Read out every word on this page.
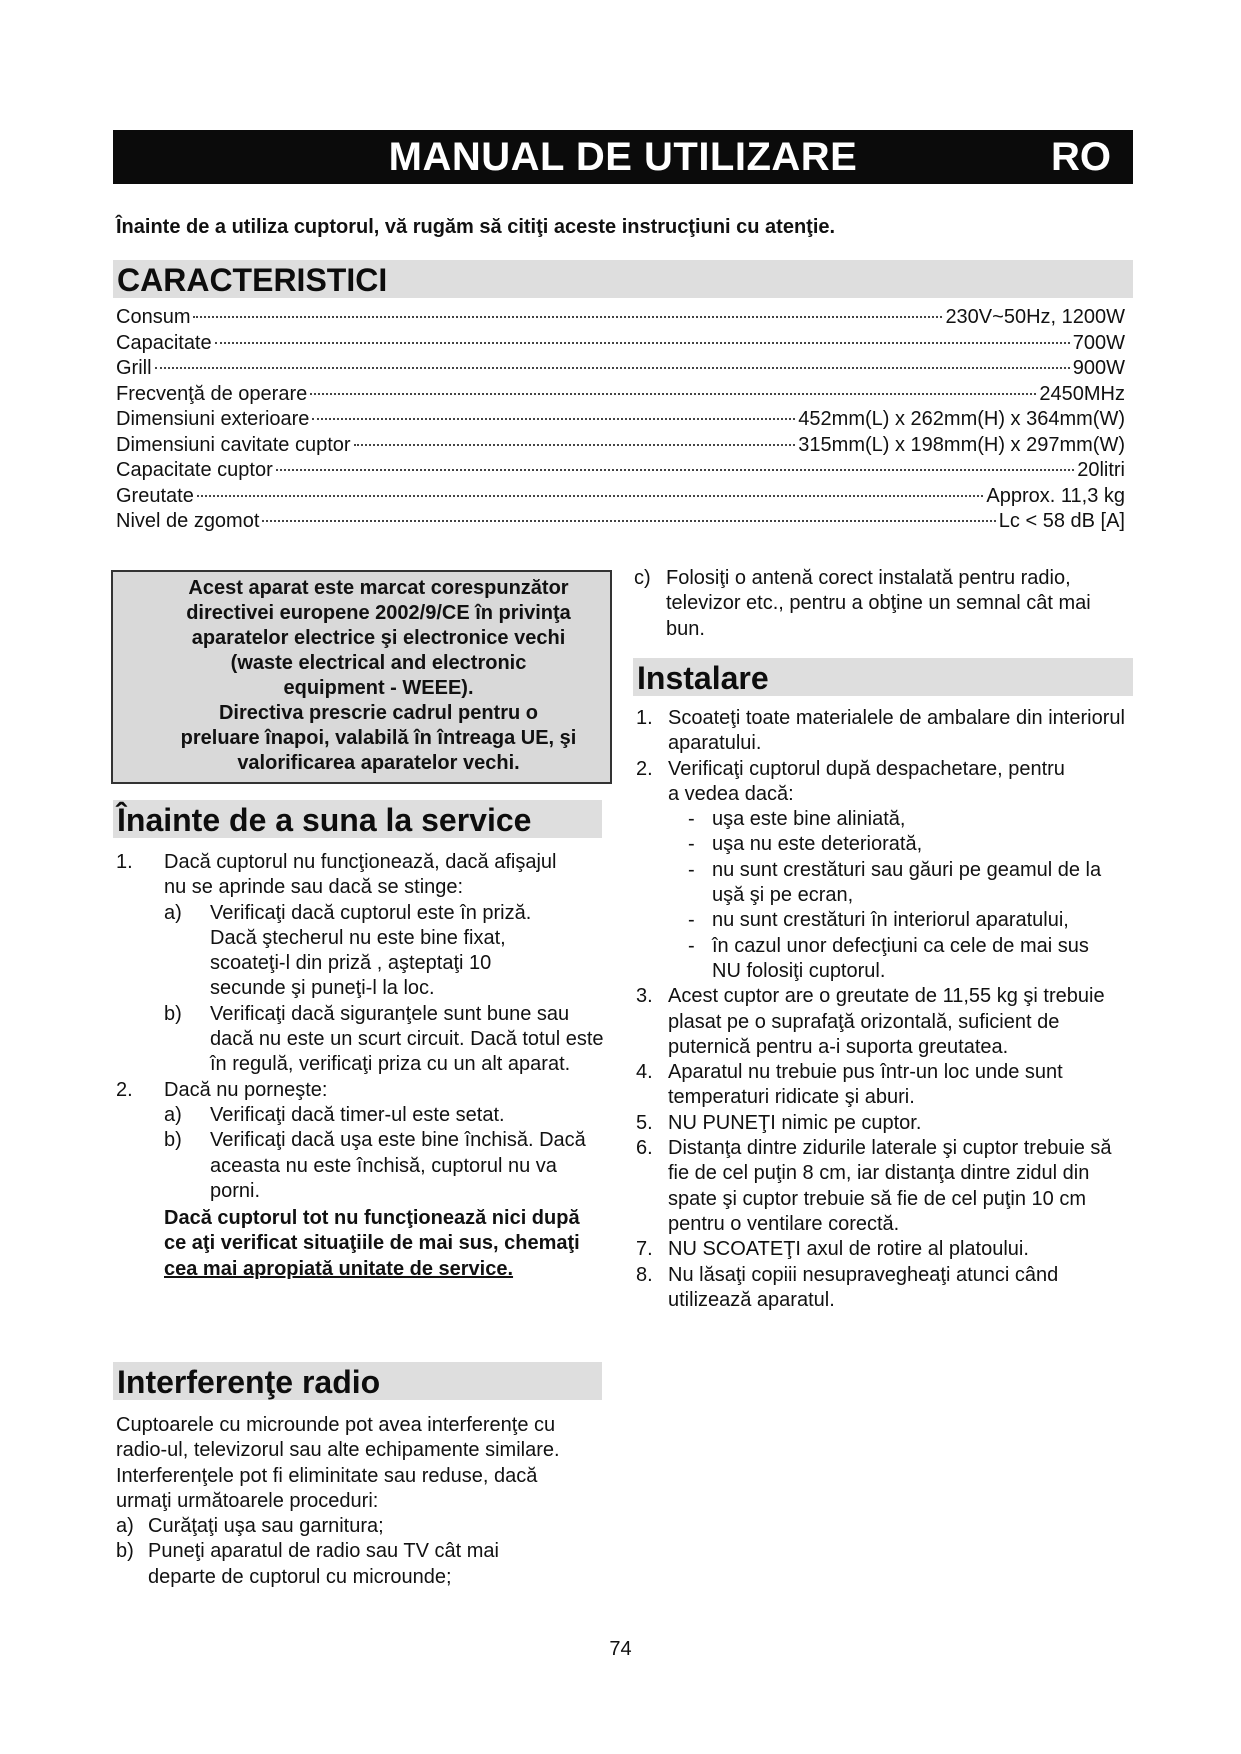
MANUAL DE UTILIZARE	RO
Înainte de a utiliza cuptorul, vă rugăm să citiţi aceste instrucţiuni cu atenţie.
CARACTERISTICI
Consum	230V~50Hz, 1200W
Capacitate	700W
Grill	900W
Frecvenţă de operare	2450MHz
Dimensiuni exterioare	452mm(L) x 262mm(H) x 364mm(W)
Dimensiuni cavitate cuptor	315mm(L) x 198mm(H) x 297mm(W)
Capacitate cuptor	20litri
Greutate	Approx. 11,3 kg
Nivel de zgomot	Lc < 58 dB [A]

Acest aparat este marcat corespunzător

directivei europene 2002/9/CE în privinţa

aparatelor electrice şi electronice vechi

(waste electrical and electronic

equipment - WEEE).

Directiva prescrie cadrul pentru o

preluare înapoi, valabilă în întreaga UE, şi

valorificarea aparatelor vechi.

Înainte de a suna la service
1.	Dacă cuptorul nu funcţionează, dacă afişajul nu se aprinde sau dacă se stinge:
a)	Verificaţi dacă cuptorul este în priză. Dacă ştecherul nu este bine fixat, scoateţi-l din priză , aşteptaţi 10 secunde şi puneţi-l la loc.
b)	Verificaţi dacă siguranţele sunt bune sau dacă nu este un scurt circuit. Dacă totul este în regulă, verificaţi priza cu un alt aparat.
2.	Dacă nu porneşte:
a)	Verificaţi dacă timer-ul este setat.
b)	Verificaţi dacă uşa este bine închisă. Dacă aceasta nu este închisă, cuptorul nu va porni.

Dacă cuptorul tot nu funcţionează nici după ce aţi verificat situaţiile de mai sus, chemaţi cea mai apropiată unitate de service.

Interferenţe radio

Cuptoarele cu microunde pot avea interferenţe cu radio-ul, televizorul sau alte echipamente similare. Interferenţele pot fi eliminitate sau reduse, dacă urmaţi următoarele proceduri:

a) Curăţaţi uşa sau garnitura;
b) Puneţi aparatul de radio sau TV cât mai departe de cuptorul cu microunde;
c) Folosiţi o antenă corect instalată pentru radio, televizor etc., pentru a obţine un semnal cât mai bun.
Instalare
1. Scoateţi toate materialele de ambalare din interiorul aparatului.
2. Verificaţi cuptorul după despachetare, pentru a vedea dacă:
- uşa este bine aliniată,
- uşa nu este deteriorată,
- nu sunt crestături sau găuri pe geamul de la uşă şi pe ecran,
- nu sunt crestături în interiorul aparatului,
- în cazul unor defecţiuni ca cele de mai sus NU folosiţi cuptorul.
3. Acest cuptor are o greutate de 11,55 kg şi trebuie plasat pe o suprafaţă orizontală, suficient de puternică pentru a-i suporta greutatea.
4. Aparatul nu trebuie pus într-un loc unde sunt temperaturi ridicate şi aburi.
5. NU PUNEŢI nimic pe cuptor.
6. Distanţa dintre zidurile laterale şi cuptor trebuie să fie de cel puţin 8 cm, iar distanţa dintre zidul din spate şi cuptor trebuie să fie de cel puţin 10 cm pentru o ventilare corectă.
7. NU SCOATEŢI axul de rotire al platoului.
8. Nu lăsaţi copiii nesupravegheaţi atunci când utilizează aparatul.
74
